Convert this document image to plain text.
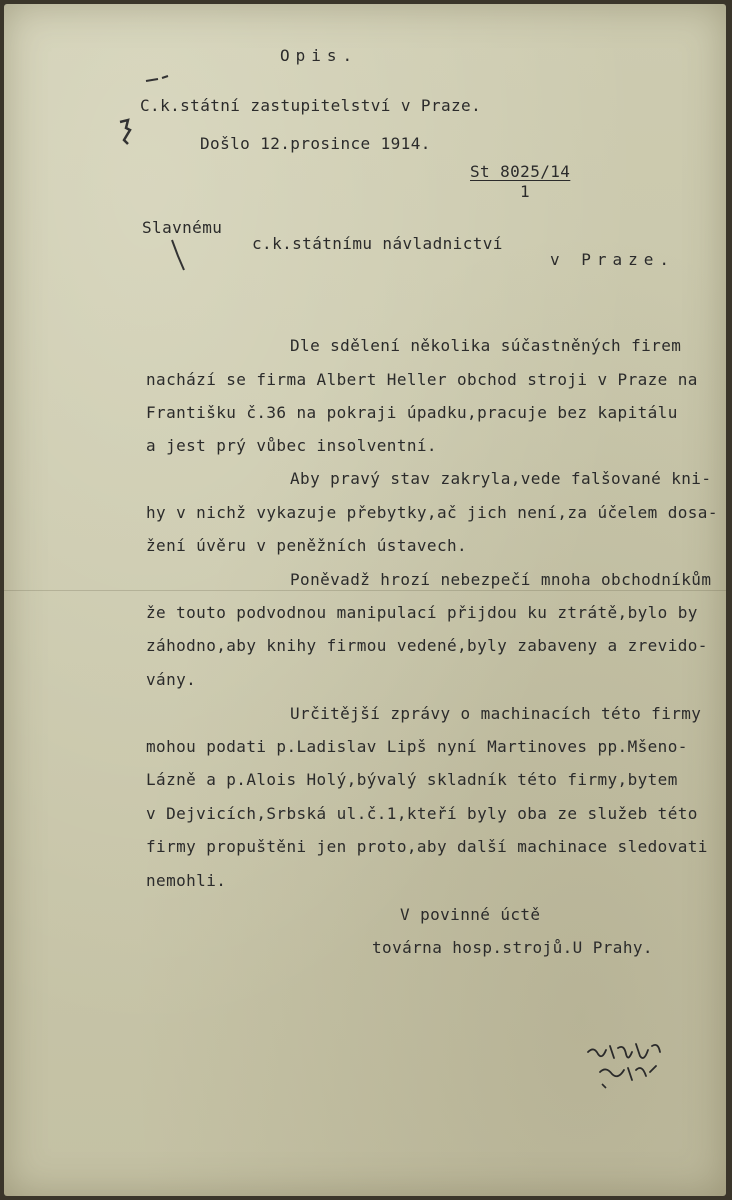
Opis.
C.k.státní zastupitelství v Praze.
Došlo 12.prosince 1914.
St 8025/14
1
Slavnému
c.k.státnímu návladnictví
v Praze.
Dle sdělení několika súčastněných firem
nachází se firma Albert Heller obchod stroji v Praze na
Františku č.36 na pokraji úpadku,pracuje bez kapitálu
a jest prý vůbec insolventní.
Aby pravý stav zakryla,vede falšované kni-
hy v nichž vykazuje přebytky,ač jich není,za účelem dosa-
žení úvěru v peněžních ústavech.
Poněvadž hrozí nebezpečí mnoha obchodníkům
že touto podvodnou manipulací přijdou ku ztrátě,bylo by
záhodno,aby knihy firmou vedené,byly zabaveny a zrevido-
vány.
Určitější zprávy o machinacích této firmy
mohou podati p.Ladislav Lipš nyní Martinoves pp.Mšeno-
Lázně a p.Alois Holý,bývalý skladník této firmy,bytem
v Dejvicích,Srbská ul.č.1,kteří byly oba ze služeb této
firmy propuštěni jen proto,aby další machinace sledovati
nemohli.
V povinné úctě
továrna hosp.strojů.U Prahy.
